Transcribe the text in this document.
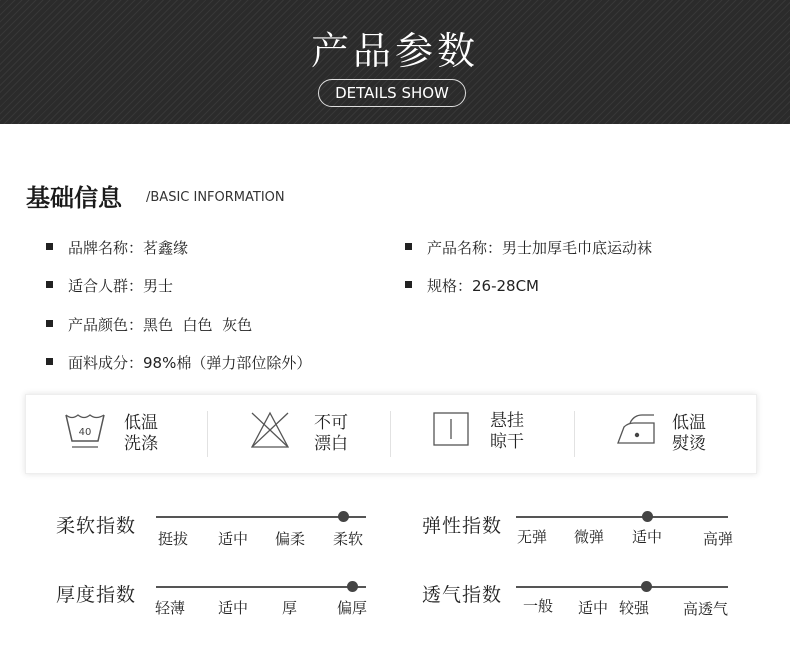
产品参数
DETAILS SHOW
基础信息 /BASIC INFORMATION
品牌名称：茗鑫缘	产品名称：男士加厚毛巾底运动袜
适合人群：男士	规格：26-28CM
产品颜色：黑色  白色  灰色
面料成分：98%棉（弹力部位除外）
40 低温
洗涤
不可
漂白
悬挂
晾干
低温
熨烫
柔软指数
挺拔 适中 偏柔 柔软
弹性指数 无弹 微弹 适中	高弹
厚度指数
轻薄 适中 厚	偏厚
透气指数 一般 适中 较强 高透气
